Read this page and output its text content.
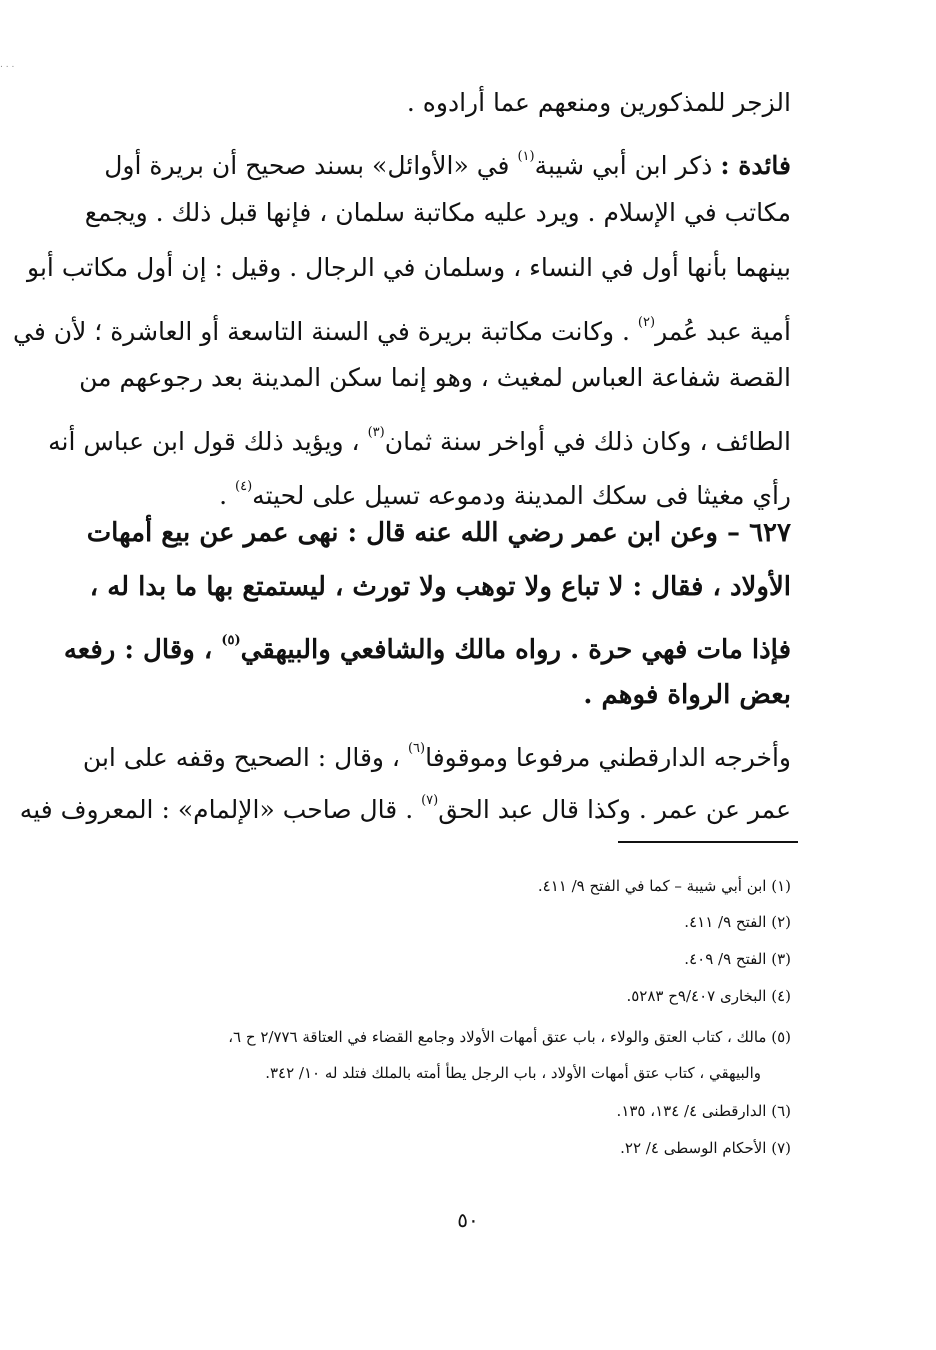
. . .
الزجر للمذكورين ومنعهم عما أرادوه .
فائدة : ذكر ابن أبي شيبة$^{(١)}$ في «الأوائل» بسند صحيح أن بريرة أول
مكاتب في الإسلام . ويرد عليه مكاتبة سلمان ، فإنها قبل ذلك . ويجمع
بينهما بأنها أول في النساء ، وسلمان في الرجال . وقيل : إن أول مكاتب أبو
أمية عبد عُمر$^{(٢)}$ . وكانت مكاتبة بريرة في السنة التاسعة أو العاشرة ؛ لأن في
القصة شفاعة العباس لمغيث ، وهو إنما سكن المدينة بعد رجوعهم من
الطائف ، وكان ذلك في أواخر سنة ثمان$^{(٣)}$ ، ويؤيد ذلك قول ابن عباس أنه
رأي مغيثا فى سكك المدينة ودموعه تسيل على لحيته$^{(٤)}$ .
٦٢٧ – وعن ابن عمر رضي الله عنه قال : نهى عمر عن بيع أمهات
الأولاد ، فقال : لا تباع ولا توهب ولا تورث ، ليستمتع بها ما بدا له ،
فإذا مات فهي حرة . رواه مالك والشافعي والبيهقي$^{(٥)}$ ، وقال : رفعه
بعض الرواة فوهم .
وأخرجه الدارقطني مرفوعا وموقوفا$^{(٦)}$ ، وقال : الصحيح وقفه على ابن
عمر عن عمر . وكذا قال عبد الحق$^{(٧)}$ . قال صاحب «الإلمام» : المعروف فيه
(١) ابن أبي شيبة – كما في الفتح ٩/ ٤١١.
(٢) الفتح ٩/ ٤١١.
(٣) الفتح ٩/ ٤٠٩.
(٤) البخارى ٩/٤٠٧ح ٥٢٨٣.
(٥) مالك ، كتاب العتق والولاء ، باب عتق أمهات الأولاد وجامع القضاء في العتاقة ٢/٧٧٦ ح ٦،
والبيهقي ، كتاب عتق أمهات الأولاد ، باب الرجل يطأ أمته بالملك فتلد له ١٠/ ٣٤٢.
(٦) الدارقطنى ٤/ ١٣٤، ١٣٥.
(٧) الأحكام الوسطى ٤/ ٢٢.
٥٠
